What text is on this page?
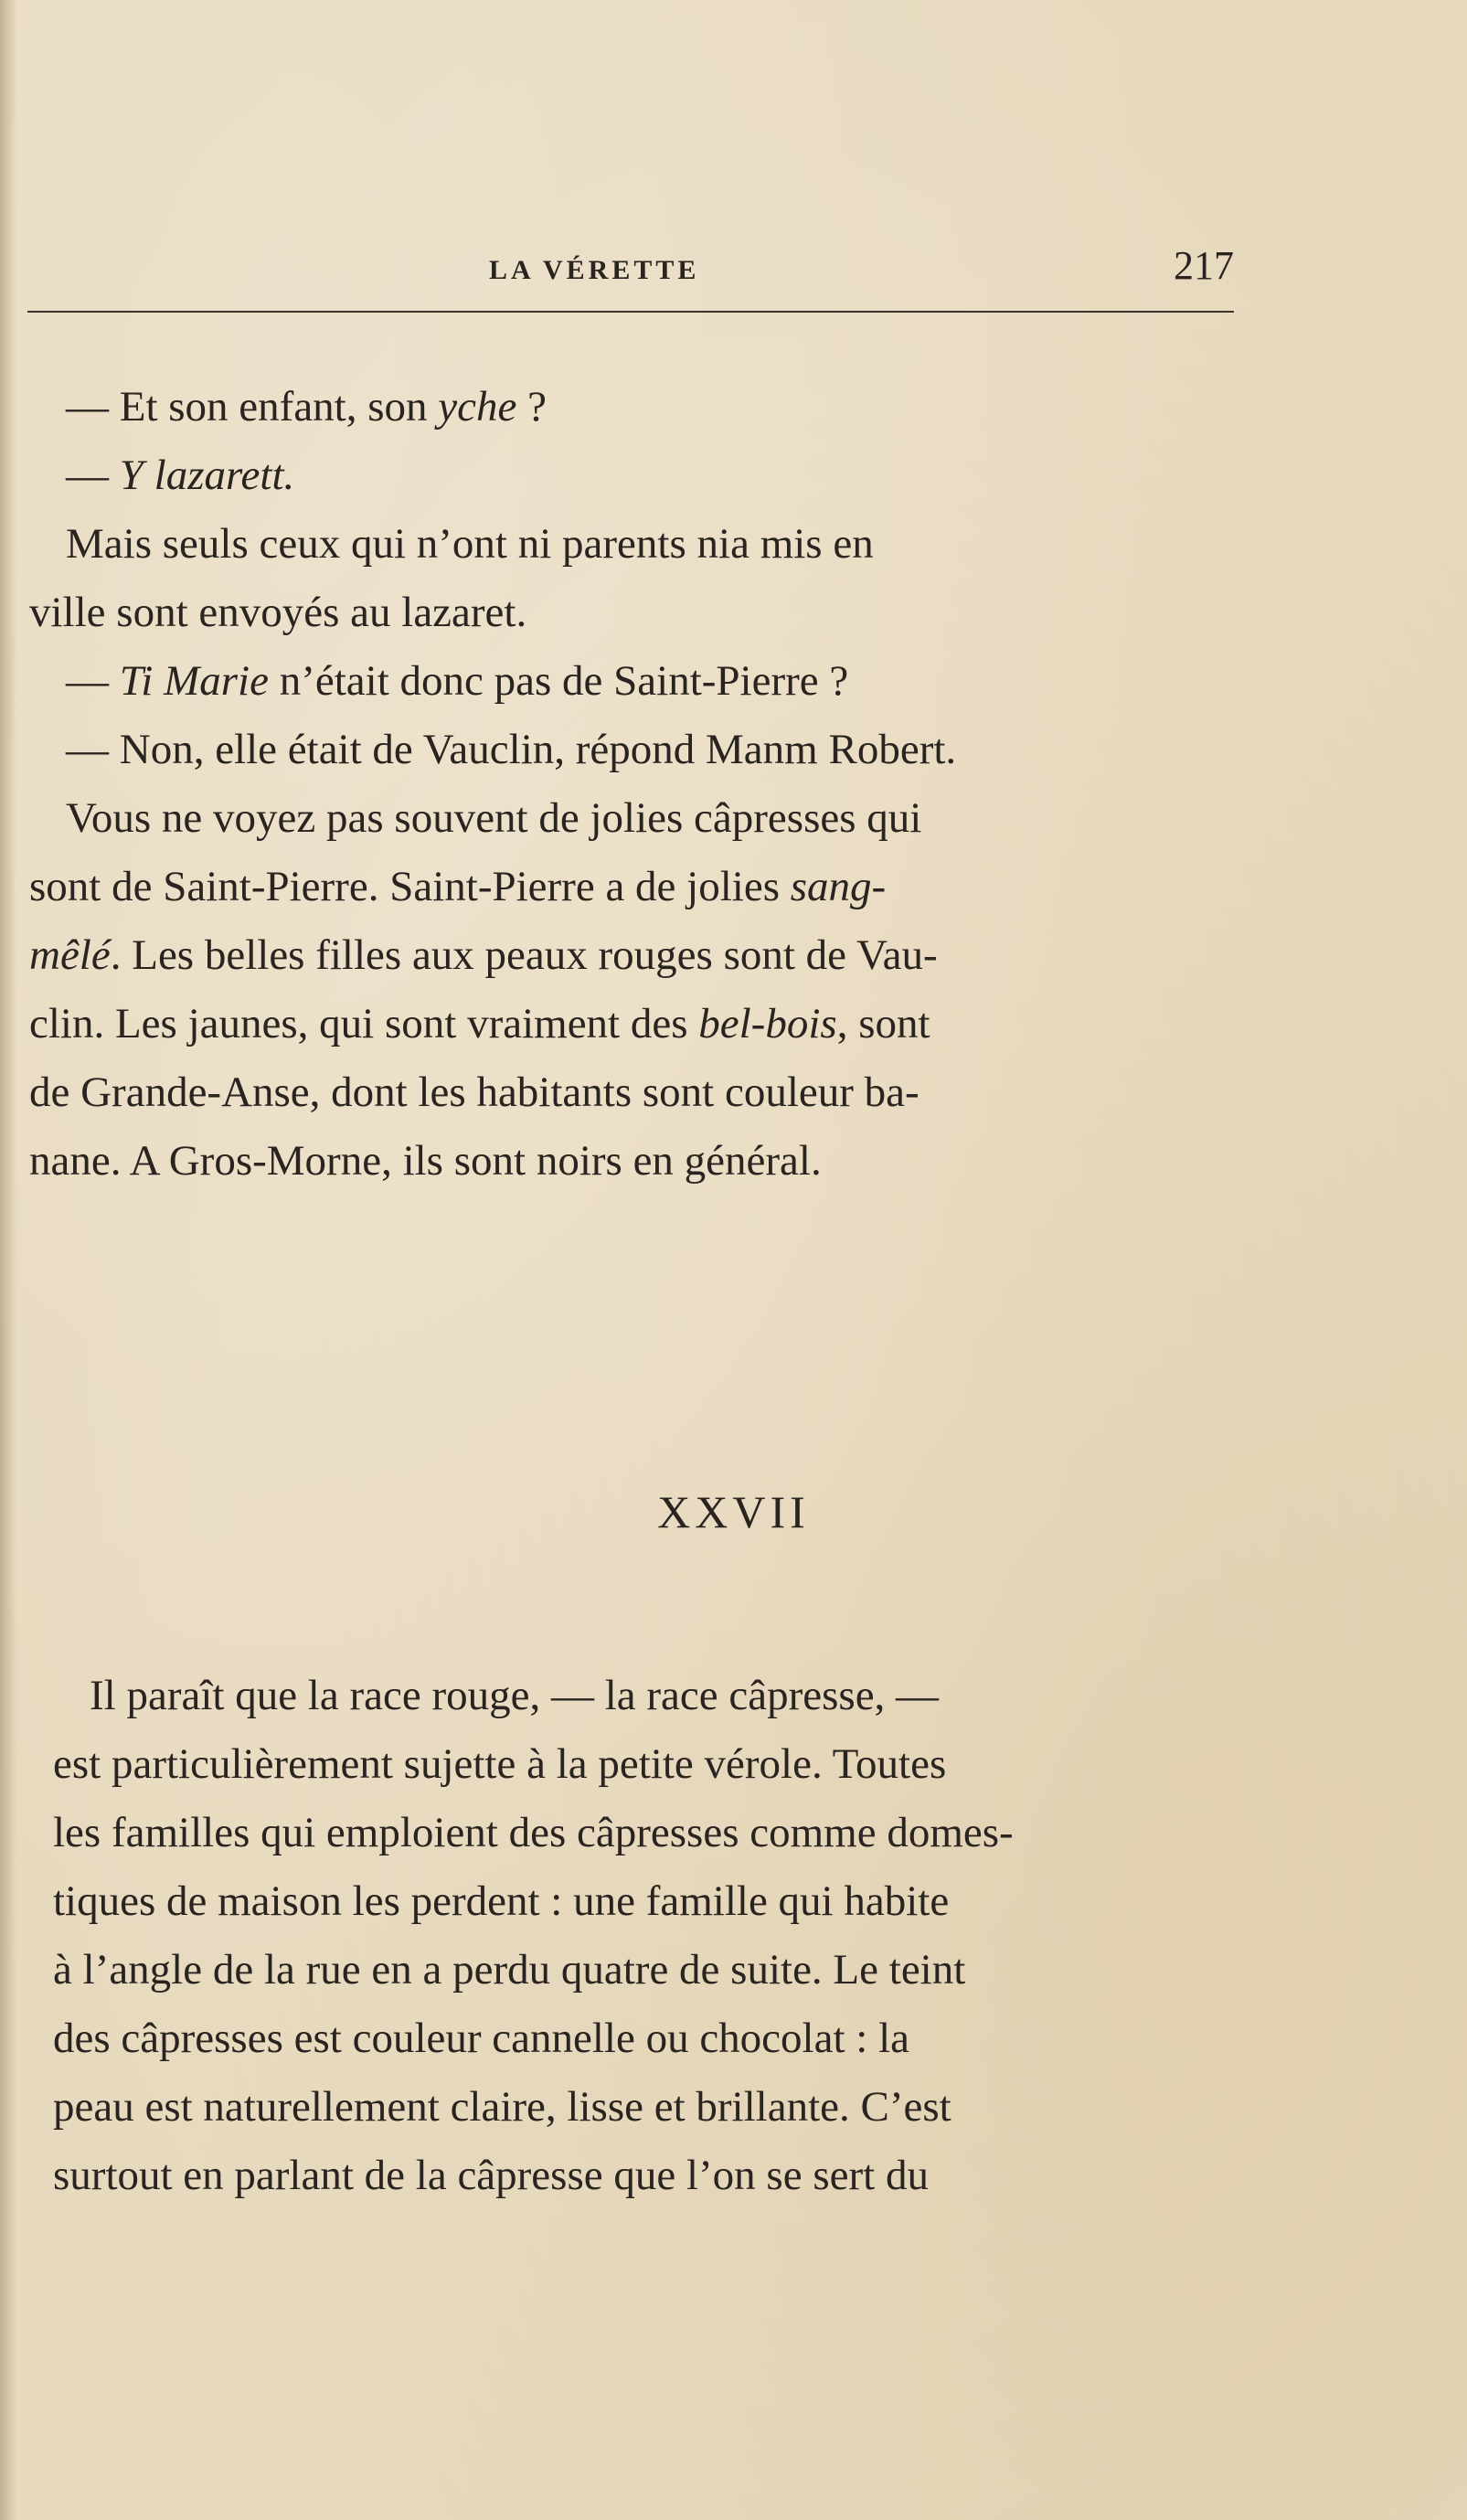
LA VÉRETTE	217
— Et son enfant, son yche ?
— Y lazarett.
Mais seuls ceux qui n’ont ni parents nia mis en
ville sont envoyés au lazaret.
— Ti Marie n’était donc pas de Saint-Pierre ?
— Non, elle était de Vauclin, répond Manm Robert.
Vous ne voyez pas souvent de jolies câpresses qui
sont de Saint-Pierre. Saint-Pierre a de jolies sang-
mêlé. Les belles filles aux peaux rouges sont de Vau-
clin. Les jaunes, qui sont vraiment des bel-bois, sont
de Grande-Anse, dont les habitants sont couleur ba-
nane. A Gros-Morne, ils sont noirs en général.
XXVII
Il paraît que la race rouge, — la race câpresse, —
est particulièrement sujette à la petite vérole. Toutes
les familles qui emploient des câpresses comme domes-
tiques de maison les perdent : une famille qui habite
à l’angle de la rue en a perdu quatre de suite. Le teint
des câpresses est couleur cannelle ou chocolat : la
peau est naturellement claire, lisse et brillante. C’est
surtout en parlant de la câpresse que l’on se sert du
